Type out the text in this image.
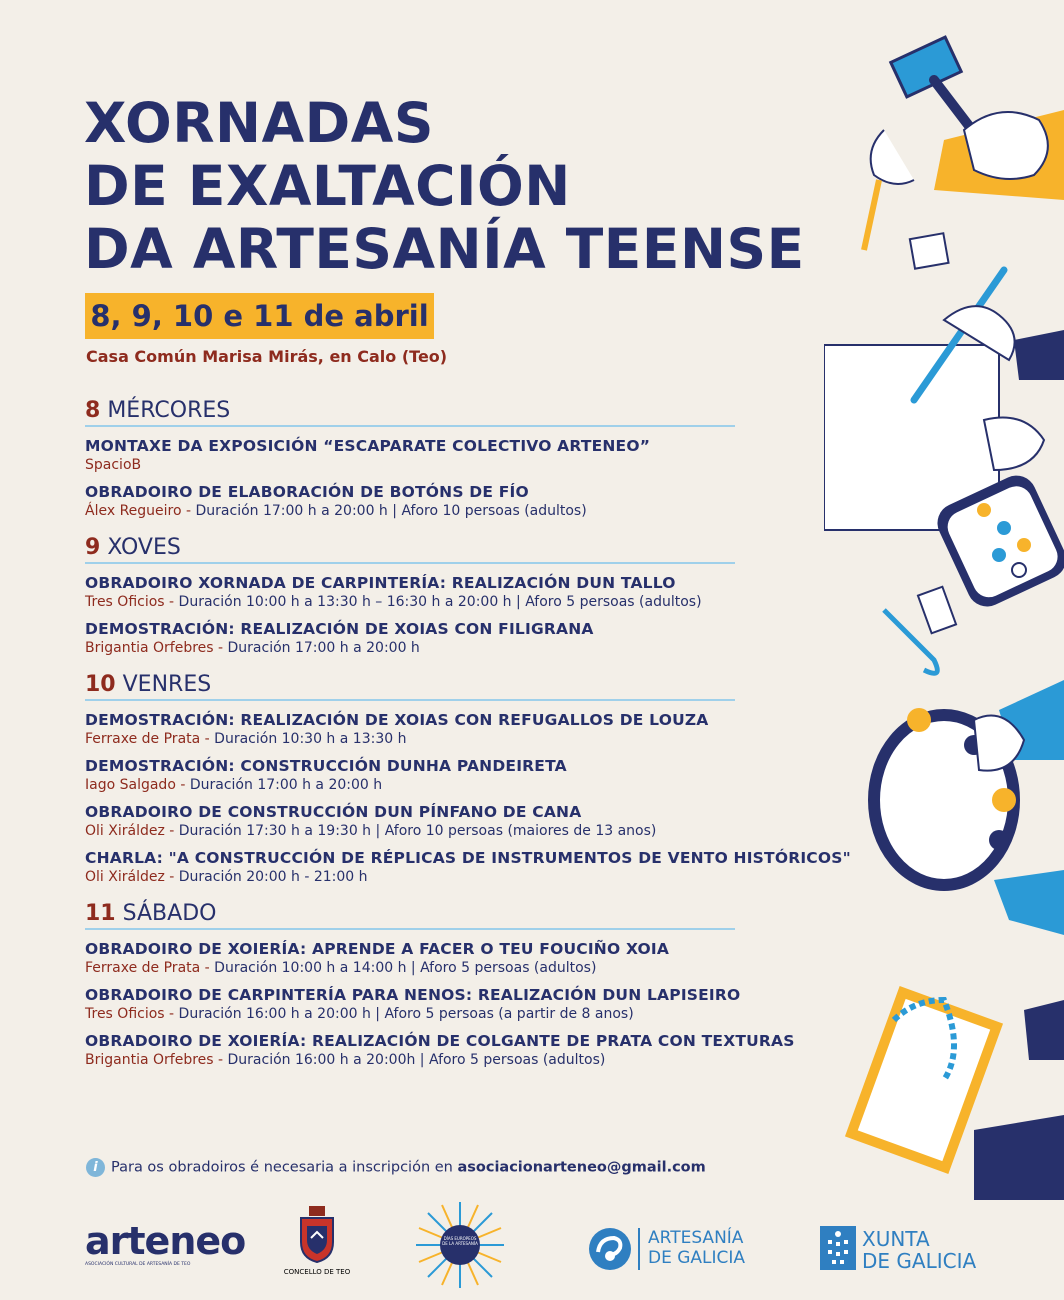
XORNADAS
DE EXALTACIÓN
DA ARTESANÍA TEENSE
8, 9, 10 e 11 de abril
Casa Común Marisa Mirás, en Calo (Teo)
8 MÉRCORES
MONTAXE DA EXPOSICIÓN “ESCAPARATE COLECTIVO ARTENEO”
SpacioB
OBRADOIRO DE ELABORACIÓN DE BOTÓNS DE FÍO
Álex Regueiro - Duración 17:00 h a 20:00 h | Aforo 10 persoas (adultos)
9 XOVES
OBRADOIRO XORNADA DE CARPINTERÍA: REALIZACIÓN DUN TALLO
Tres Oficios - Duración 10:00 h a 13:30 h – 16:30 h a 20:00 h | Aforo 5 persoas (adultos)
DEMOSTRACIÓN: REALIZACIÓN DE XOIAS CON FILIGRANA
Brigantia Orfebres - Duración 17:00 h a 20:00 h
10 VENRES
DEMOSTRACIÓN: REALIZACIÓN DE XOIAS CON REFUGALLOS DE LOUZA
Ferraxe de Prata - Duración 10:30 h a 13:30 h
DEMOSTRACIÓN: CONSTRUCCIÓN DUNHA PANDEIRETA
Iago Salgado - Duración 17:00 h a 20:00 h
OBRADOIRO DE CONSTRUCCIÓN DUN PÍNFANO DE CANA
Oli Xiráldez - Duración 17:30 h a 19:30 h | Aforo 10 persoas (maiores de 13 anos)
CHARLA: "A CONSTRUCCIÓN DE RÉPLICAS DE INSTRUMENTOS DE VENTO HISTÓRICOS"
Oli Xiráldez - Duración 20:00 h - 21:00 h
11 SÁBADO
OBRADOIRO DE XOIERÍA: APRENDE A FACER O TEU FOUCIÑO XOIA
Ferraxe de Prata - Duración 10:00 h a 14:00 h | Aforo 5 persoas (adultos)
OBRADOIRO DE CARPINTERÍA PARA NENOS: REALIZACIÓN DUN LAPISEIRO
Tres Oficios - Duración 16:00 h a 20:00 h | Aforo 5 persoas (a partir de 8 anos)
OBRADOIRO DE XOIERÍA: REALIZACIÓN DE COLGANTE DE PRATA CON TEXTURAS
Brigantia Orfebres - Duración 16:00 h a 20:00h | Aforo 5 persoas (adultos)
i Para os obradoiros é necesaria a inscripción en asociacionarteneo@gmail.com
arteneo
ASOCIACIÓN CULTURAL DE ARTESANÍA DE TEO
CONCELLO DE TEO
DÍAS EUROPEOS DE LA ARTESANÍA	ARTESANÍA
DE GALICIA
XUNTA
DE GALICIA
